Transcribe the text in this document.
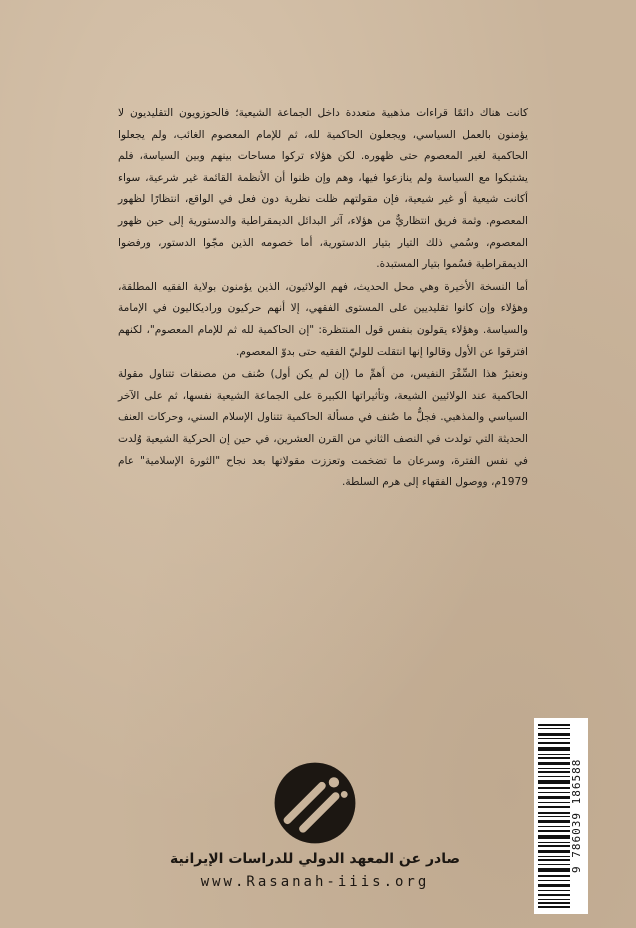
كانت هناك دائمًا قراءات مذهبية متعددة داخل الجماعة الشيعية؛ فالحوزويون التقليديون لا يؤمنون بالعمل السياسي، ويجعلون الحاكمية لله، ثم للإمام المعصوم الغائب، ولم يجعلوا الحاكمية لغير المعصوم حتى ظهوره. لكن هؤلاء تركوا مساحات بينهم وبين السياسة، فلم يشتبكوا مع السياسة ولم ينازعوا فيها، وهم وإن ظنوا أن الأنظمة القائمة غير شرعية، سواء أكانت شيعية أو غير شيعية، فإن مقولتهم ظلت نظرية دون فعل في الواقع، انتظارًا لظهور المعصوم. وثمة فريق انتظاريٌّ من هؤلاء، آثر البدائل الديمقراطية والدستورية إلى حين ظهور المعصوم، وسُمي ذلك التيار بتيار الدستورية، أما خصومه الذين مجّوا الدستور، ورفضوا الديمقراطية فسُموا بتيار المستبدة.

أما النسخة الأخيرة وهي محل الحديث، فهم الولائيون، الذين يؤمنون بولاية الفقيه المطلقة، وهؤلاء وإن كانوا تقليديين على المستوى الفقهي، إلا أنهم حركيون وراديكاليون في الإمامة والسياسة. وهؤلاء يقولون بنفس قول المنتظرة: "إن الحاكمية لله ثم للإمام المعصوم"، لكنهم افترقوا عن الأول وقالوا إنها انتقلت للوليّ الفقيه حتى بدوّ المعصوم.

ونعتبرُ هذا السِّفْرَ النفيس، من أهمِّ ما (إن لم يكن أول) صُنف من مصنفات تتناول مقولة الحاكمية عند الولائيين الشيعة، وتأثيراتها الكبيرة على الجماعة الشيعية نفسها، ثم على الآخر السياسي والمذهبي. فجلُّ ما صُنف في مسألة الحاكمية تتناول الإسلام السني، وحركات العنف الحديثة التي تولدت في النصف الثاني من القرن العشرين، في حين إن الحركية الشيعية وُلدت في نفس الفترة، وسرعان ما تضخمت وتعززت مقولاتها بعد نجاح "الثورة الإسلامية" عام 1979م، ووصول الفقهاء إلى هرم السلطة.

صادر عن المعهد الدولي للدراسات الإيرانية
www.Rasanah-iiis.org
9 786039 186588
